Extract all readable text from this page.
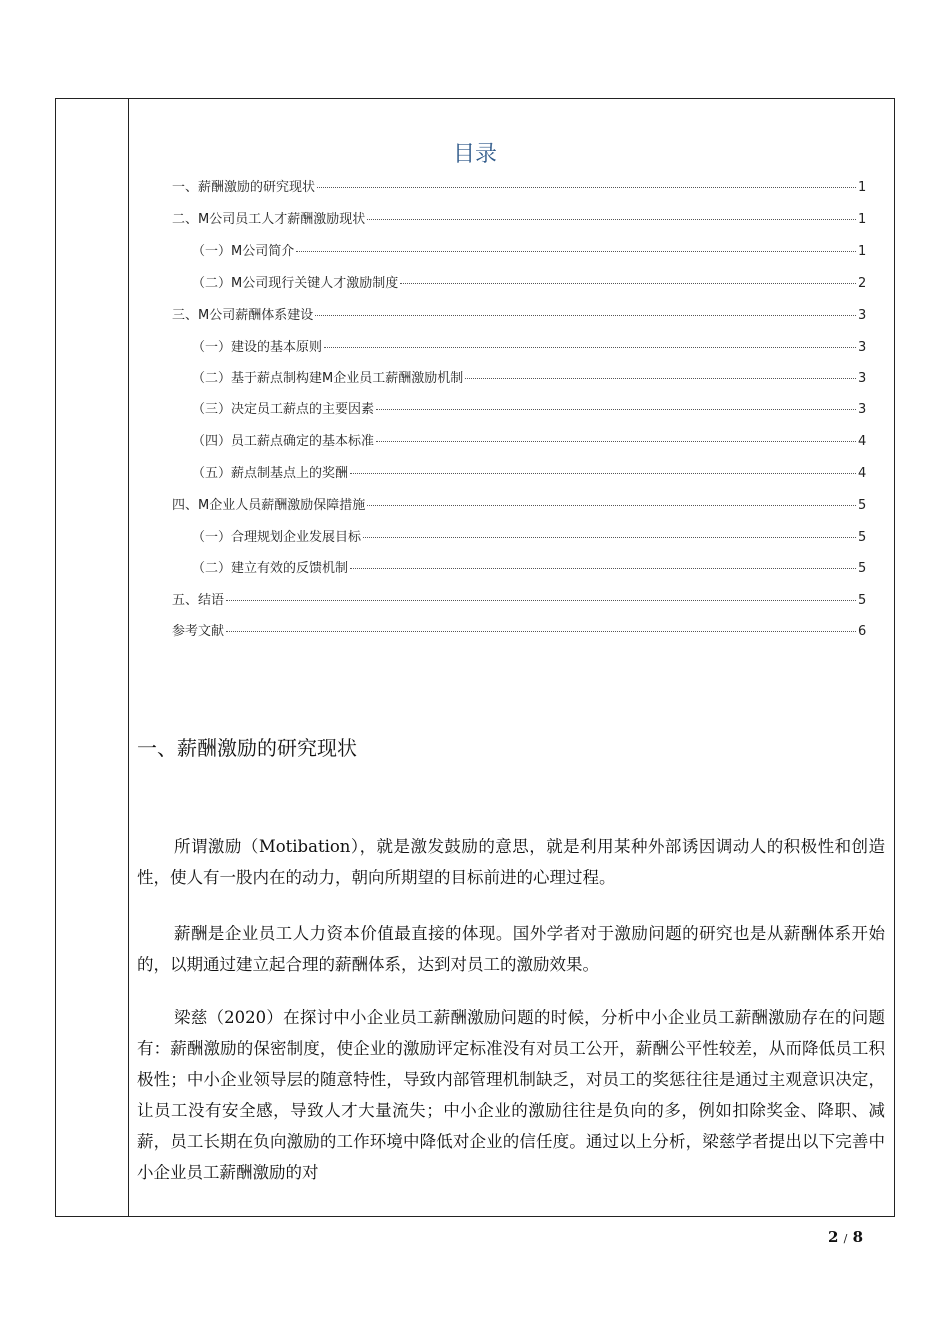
目录
一、薪酬激励的研究现状	1
二、M公司员工人才薪酬激励现状	1
（一）M公司简介	1
（二）M公司现行关键人才激励制度	2
三、M公司薪酬体系建设	3
（一）建设的基本原则	3
（二）基于薪点制构建M企业员工薪酬激励机制	3
（三）决定员工薪点的主要因素	3
（四）员工薪点确定的基本标准	4
（五）薪点制基点上的奖酬	4
四、M企业人员薪酬激励保障措施	5
（一）合理规划企业发展目标	5
（二）建立有效的反馈机制	5
五、结语	5
参考文献	6
一、薪酬激励的研究现状
所谓激励（Motibation），就是激发鼓励的意思，就是利用某种外部诱因调动人的积极性和创造性，使人有一股内在的动力，朝向所期望的目标前进的心理过程。
薪酬是企业员工人力资本价值最直接的体现。国外学者对于激励问题的研究也是从薪酬体系开始的，以期通过建立起合理的薪酬体系，达到对员工的激励效果。
梁慈（2020）在探讨中小企业员工薪酬激励问题的时候，分析中小企业员工薪酬激励存在的问题有：薪酬激励的保密制度，使企业的激励评定标准没有对员工公开，薪酬公平性较差，从而降低员工积极性；中小企业领导层的随意特性，导致内部管理机制缺乏，对员工的奖惩往往是通过主观意识决定，让员工没有安全感，导致人才大量流失；中小企业的激励往往是负向的多，例如扣除奖金、降职、减薪，员工长期在负向激励的工作环境中降低对企业的信任度。通过以上分析，梁慈学者提出以下完善中小企业员工薪酬激励的对
2 / 8
